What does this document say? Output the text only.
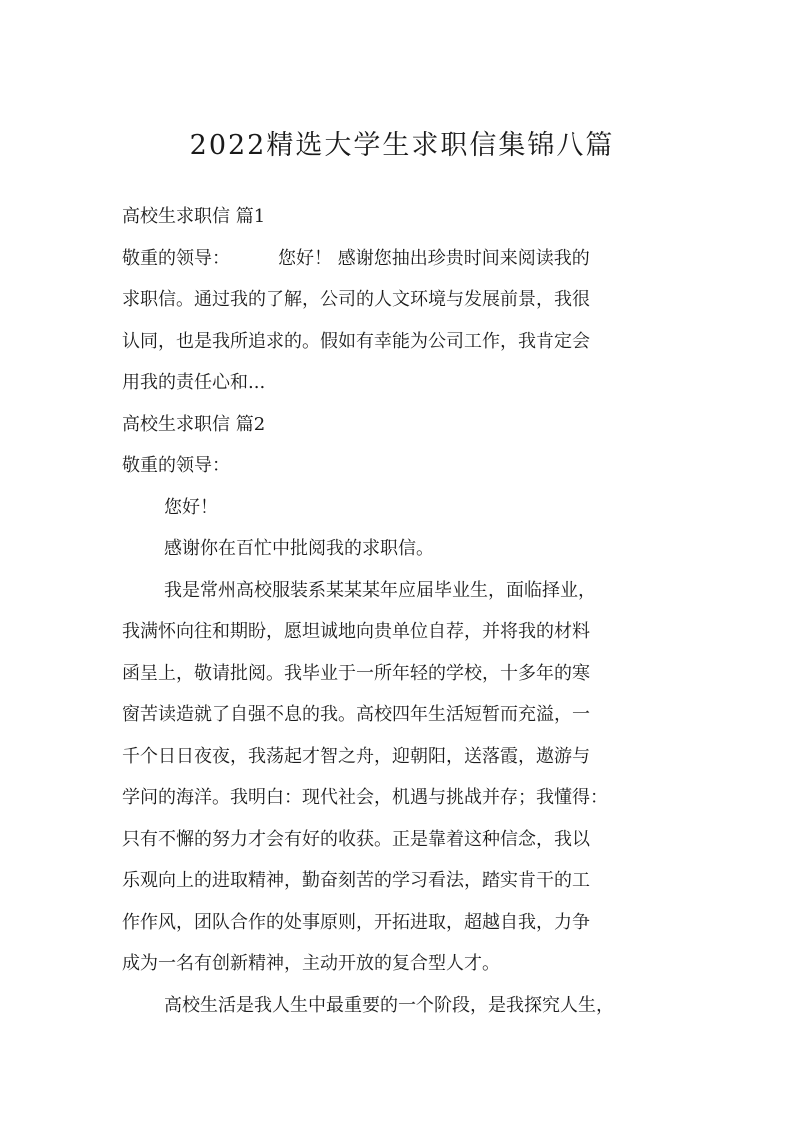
2022精选大学生求职信集锦八篇
高校生求职信 篇1
敬重的领导：	您好！ 感谢您抽出珍贵时间来阅读我的
求职信。通过我的了解，公司的人文环境与发展前景，我很
认同，也是我所追求的。假如有幸能为公司工作，我肯定会
用我的责任心和...
高校生求职信 篇2
敬重的领导：
您好！
感谢你在百忙中批阅我的求职信。
我是常州高校服装系某某某年应届毕业生，面临择业，
我满怀向往和期盼，愿坦诚地向贵单位自荐，并将我的材料
函呈上，敬请批阅。我毕业于一所年轻的学校，十多年的寒
窗苦读造就了自强不息的我。高校四年生活短暂而充溢，一
千个日日夜夜，我荡起才智之舟，迎朝阳，送落霞，遨游与
学问的海洋。我明白：现代社会，机遇与挑战并存；我懂得：
只有不懈的努力才会有好的收获。正是靠着这种信念，我以
乐观向上的进取精神，勤奋刻苦的学习看法，踏实肯干的工
作作风，团队合作的处事原则，开拓进取，超越自我，力争
成为一名有创新精神，主动开放的复合型人才。
高校生活是我人生中最重要的一个阶段，是我探究人生，
